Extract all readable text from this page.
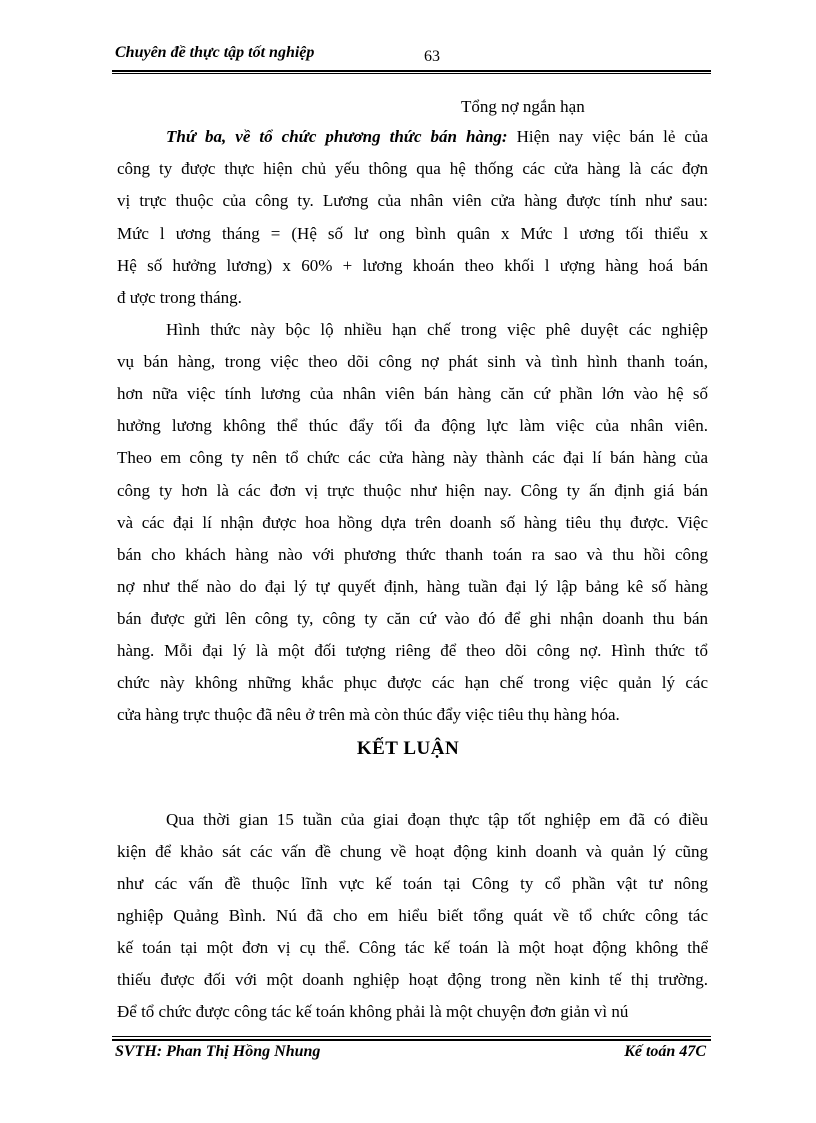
Chuyên đề thực tập tốt nghiệp	63
Tổng nợ ngắn hạn
Thứ ba, về tổ chức phương thức bán hàng: Hiện nay việc bán lẻ của
công ty được thực hiện chủ yếu thông qua hệ thống các cửa hàng là các đợn
vị trực thuộc của công ty. Lương của nhân viên cửa hàng được tính như sau:
Mức l ương tháng = (Hệ số lư ong bình quân x Mức l ương tối thiểu x
Hệ số hưởng lương) x 60% + lương khoán theo khối l ượng hàng hoá bán
đ ược trong tháng.
Hình thức này bộc lộ nhiều hạn chế trong việc phê duyệt các nghiệp
vụ bán hàng, trong việc theo dõi công nợ phát sinh và tình hình thanh toán,
hơn nữa việc tính lương của nhân viên bán hàng căn cứ phần lớn vào hệ số
hưởng lương không thể thúc đẩy tối đa động lực làm việc của nhân viên.
Theo em công ty nên tổ chức các cửa hàng này thành các đại lí bán hàng của
công ty hơn là các đơn vị trực thuộc như hiện nay. Công ty ấn định giá bán
và các đại lí nhận được hoa hồng dựa trên doanh số hàng tiêu thụ được. Việc
bán cho khách hàng nào với phương thức thanh toán ra sao và thu hồi công
nợ như thế nào do đại lý tự quyết định, hàng tuần đại lý lập bảng kê số hàng
bán được gửi lên công ty, công ty căn cứ vào đó để ghi nhận doanh thu bán
hàng. Mỗi đại lý là một đối tượng riêng để theo dõi công nợ. Hình thức tổ
chức này không những khắc phục được các hạn chế trong việc quản lý các
cửa hàng trực thuộc đã nêu ở trên mà còn thúc đẩy việc tiêu thụ hàng hóa.
KẾT LUẬN
Qua thời gian 15 tuần của giai đoạn thực tập tốt nghiệp em đã có điều
kiện để khảo sát các vấn đề chung về hoạt động kinh doanh và quản lý cũng
như các vấn đề thuộc lĩnh vực kế toán tại Công ty cổ phần vật tư nông
nghiệp Quảng Bình. Nú đã cho em hiểu biết tổng quát về tổ chức công tác
kế toán tại một đơn vị cụ thể. Công tác kế toán là một hoạt động không thể
thiếu được đối với một doanh nghiệp hoạt động trong nền kinh tế thị trường.
Để tổ chức được công tác kế toán không phải là một chuyện đơn giản vì nú
SVTH: Phan Thị Hồng Nhung	Kế toán 47C
